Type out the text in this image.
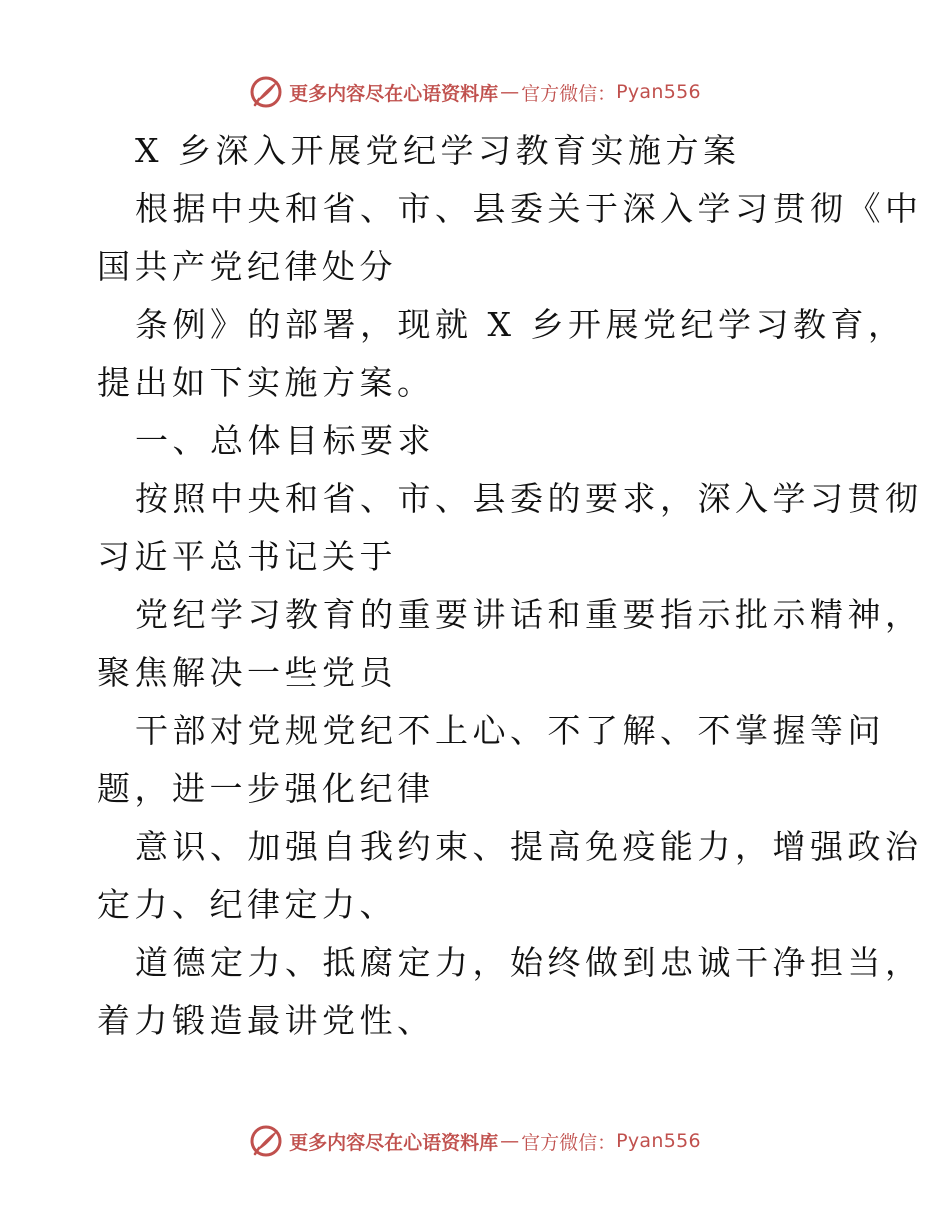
更多内容尽在心语资料库 — 官方微信： Pyan556
X 乡深入开展党纪学习教育实施方案
根据中央和省、市、县委关于深入学习贯彻《中
国共产党纪律处分
条例》的部署，现就 X 乡开展党纪学习教育，
提出如下实施方案。
一、总体目标要求
按照中央和省、市、县委的要求，深入学习贯彻
习近平总书记关于
党纪学习教育的重要讲话和重要指示批示精神，
聚焦解决一些党员
干部对党规党纪不上心、不了解、不掌握等问
题，进一步强化纪律
意识、加强自我约束、提高免疫能力，增强政治
定力、纪律定力、
道德定力、抵腐定力，始终做到忠诚干净担当，
着力锻造最讲党性、
更多内容尽在心语资料库 — 官方微信： Pyan556
